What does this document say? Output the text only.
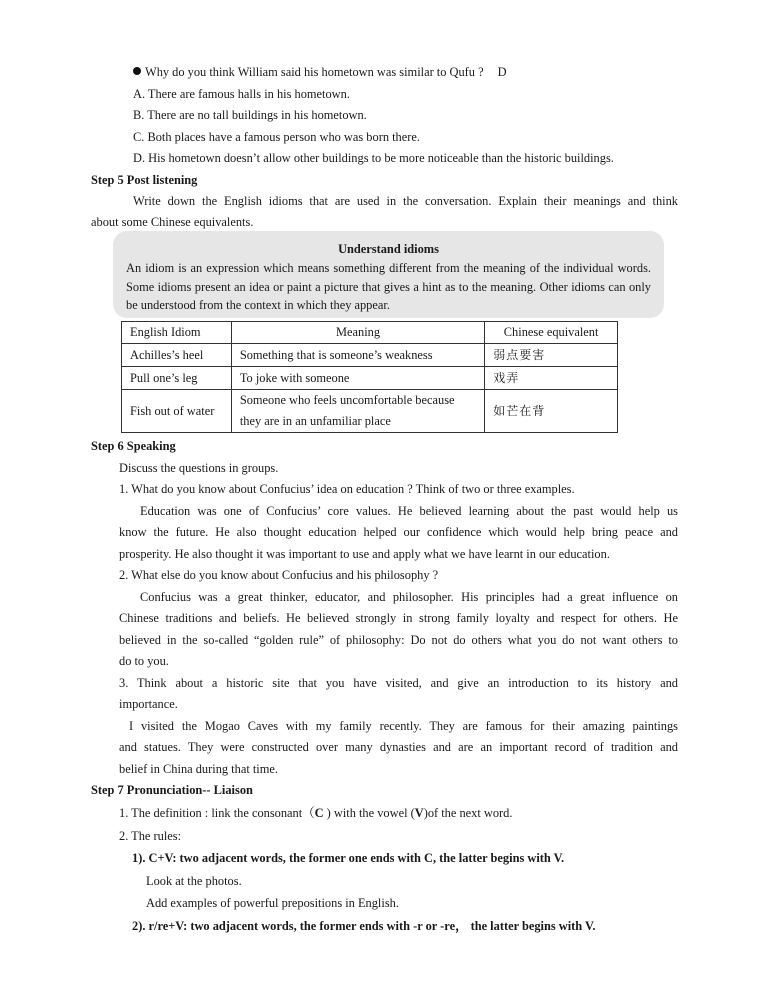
Why do you think William said his hometown was similar to Qufu ? D
A. There are famous halls in his hometown.
B. There are no tall buildings in his hometown.
C. Both places have a famous person who was born there.
D. His hometown doesn’t allow other buildings to be more noticeable than the historic buildings.
Step 5 Post listening
Write down the English idioms that are used in the conversation. Explain their meanings and think
about some Chinese equivalents.
Understand idioms
An idiom is an expression which means something different from the meaning of the individual words. Some idioms present an idea or paint a picture that gives a hint as to the meaning. Other idioms can only be understood from the context in which they appear.
English Idiom	Meaning	Chinese equivalent
Achilles’s heel	Something that is someone’s weakness	弱点要害
Pull one’s leg	To joke with someone	戏弄
Fish out of water	Someone who feels uncomfortable because they are in an unfamiliar place	如芒在背
Step 6 Speaking
Discuss the questions in groups.
1. What do you know about Confucius’ idea on education ? Think of two or three examples.
Education was one of Confucius’ core values. He believed learning about the past would help us
know the future. He also thought education helped our confidence which would help bring peace and
prosperity. He also thought it was important to use and apply what we have learnt in our education.
2. What else do you know about Confucius and his philosophy ?
Confucius was a great thinker, educator, and philosopher. His principles had a great influence on
Chinese traditions and beliefs. He believed strongly in strong family loyalty and respect for others. He
believed in the so-called “golden rule” of philosophy: Do not do others what you do not want others to
do to you.
3. Think about a historic site that you have visited, and give an introduction to its history and
importance.
I visited the Mogao Caves with my family recently. They are famous for their amazing paintings
and statues. They were constructed over many dynasties and are an important record of tradition and
belief in China during that time.
Step 7 Pronunciation-- Liaison
1. The definition : link the consonant（C ) with the vowel (V)of the next word.
2. The rules:
1). C+V: two adjacent words, the former one ends with C, the latter begins with V.
Look at the photos.
Add examples of powerful prepositions in English.
2). r/re+V: two adjacent words, the former ends with -r or -re， the latter begins with V.
